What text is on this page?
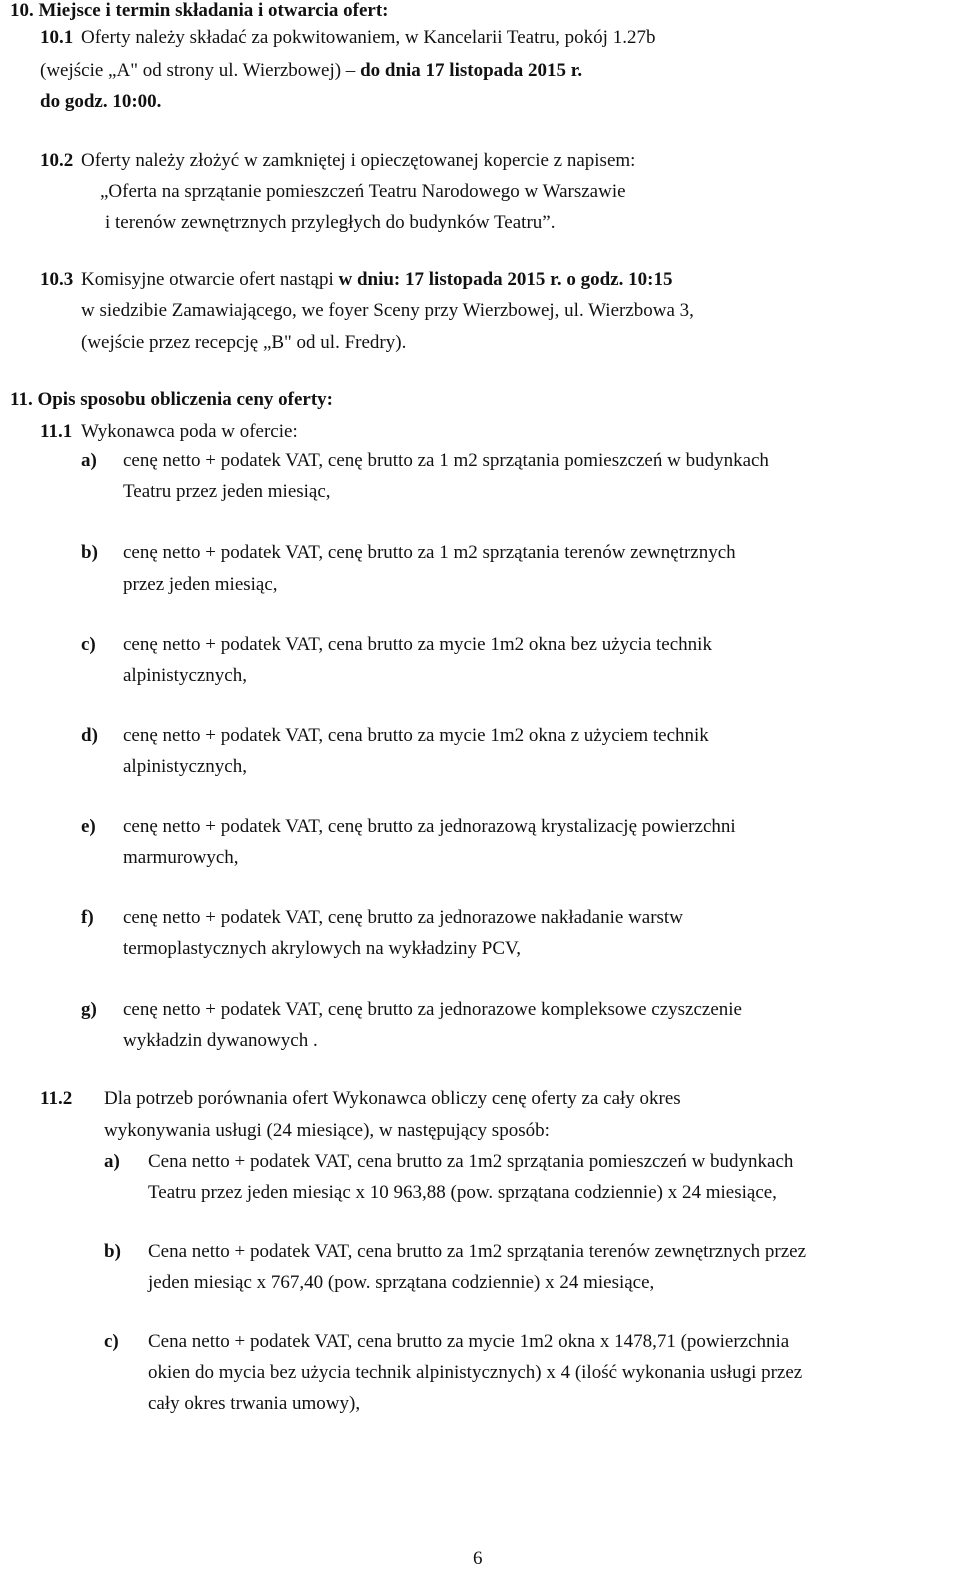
10. Miejsce i termin składania i otwarcia ofert:
10.1 Oferty należy składać za pokwitowaniem, w Kancelarii Teatru, pokój 1.27b
(wejście „A" od strony ul. Wierzbowej) – do dnia 17 listopada 2015 r.
do godz. 10:00.
10.2 Oferty należy złożyć w zamkniętej i opieczętowanej kopercie z napisem:
„Oferta na sprzątanie pomieszczeń Teatru Narodowego w Warszawie
i terenów zewnętrznych przyległych do budynków Teatru”.
10.3 Komisyjne otwarcie ofert nastąpi w dniu: 17 listopada 2015 r. o godz. 10:15
w siedzibie Zamawiającego, we foyer Sceny przy Wierzbowej, ul. Wierzbowa 3,
(wejście przez recepcję „B" od ul. Fredry).
11. Opis sposobu obliczenia ceny oferty:
11.1 Wykonawca poda w ofercie:
a) cenę netto + podatek VAT, cenę brutto za 1 m2 sprzątania pomieszczeń w budynkach
Teatru przez jeden miesiąc,
b) cenę netto + podatek VAT, cenę brutto za 1 m2 sprzątania terenów zewnętrznych
przez jeden miesiąc,
c) cenę netto + podatek VAT, cena brutto za mycie 1m2 okna bez użycia technik
alpinistycznych,
d) cenę netto + podatek VAT, cena brutto za mycie 1m2 okna z użyciem technik
alpinistycznych,
e) cenę netto + podatek VAT, cenę brutto za jednorazową krystalizację powierzchni
marmurowych,
f) cenę netto + podatek VAT, cenę brutto za jednorazowe nakładanie warstw
termoplastycznych akrylowych na wykładziny PCV,
g) cenę netto + podatek VAT, cenę brutto za jednorazowe kompleksowe czyszczenie
wykładzin dywanowych .
11.2 Dla potrzeb porównania ofert Wykonawca obliczy cenę oferty za cały okres
wykonywania usługi (24 miesiące), w następujący sposób:
a) Cena netto + podatek VAT, cena brutto za 1m2 sprzątania pomieszczeń w budynkach
Teatru przez jeden miesiąc x 10 963,88 (pow. sprzątana codziennie) x 24 miesiące,
b) Cena netto + podatek VAT, cena brutto za 1m2 sprzątania terenów zewnętrznych przez
jeden miesiąc x 767,40 (pow. sprzątana codziennie) x 24 miesiące,
c) Cena netto + podatek VAT, cena brutto za mycie 1m2 okna x 1478,71 (powierzchnia
okien do mycia bez użycia technik alpinistycznych) x 4 (ilość wykonania usługi przez
cały okres trwania umowy),
6
